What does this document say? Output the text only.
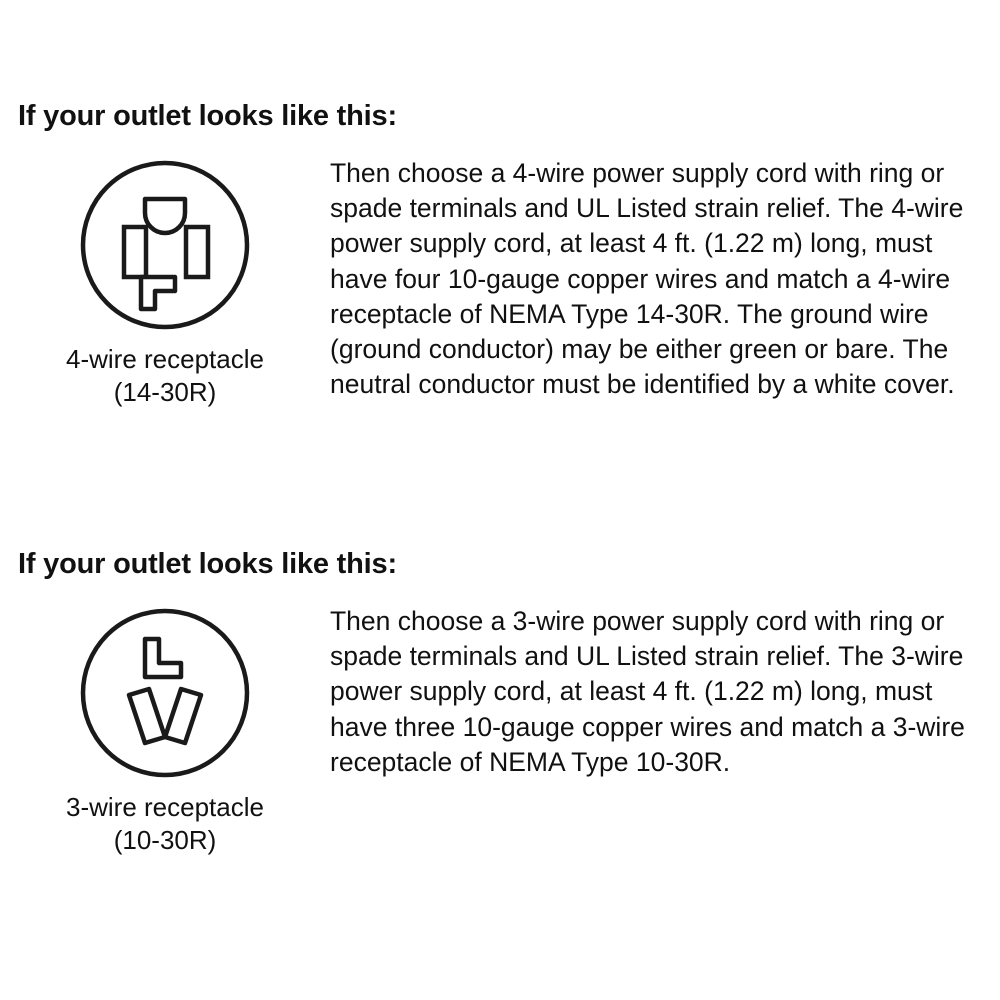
If your outlet looks like this:
4-wire receptacle
(14-30R)
Then choose a 4-wire power supply cord with ring or spade terminals and UL Listed strain relief. The 4-wire power supply cord, at least 4 ft. (1.22 m) long, must have four 10-gauge copper wires and match a 4-wire receptacle of NEMA Type 14-30R. The ground wire (ground conductor) may be either green or bare. The neutral conductor must be identified by a white cover.
If your outlet looks like this:
3-wire receptacle
(10-30R)
Then choose a 3-wire power supply cord with ring or spade terminals and UL Listed strain relief. The 3-wire power supply cord, at least 4 ft. (1.22 m) long, must have three 10-gauge copper wires and match a 3-wire receptacle of NEMA Type 10-30R.
